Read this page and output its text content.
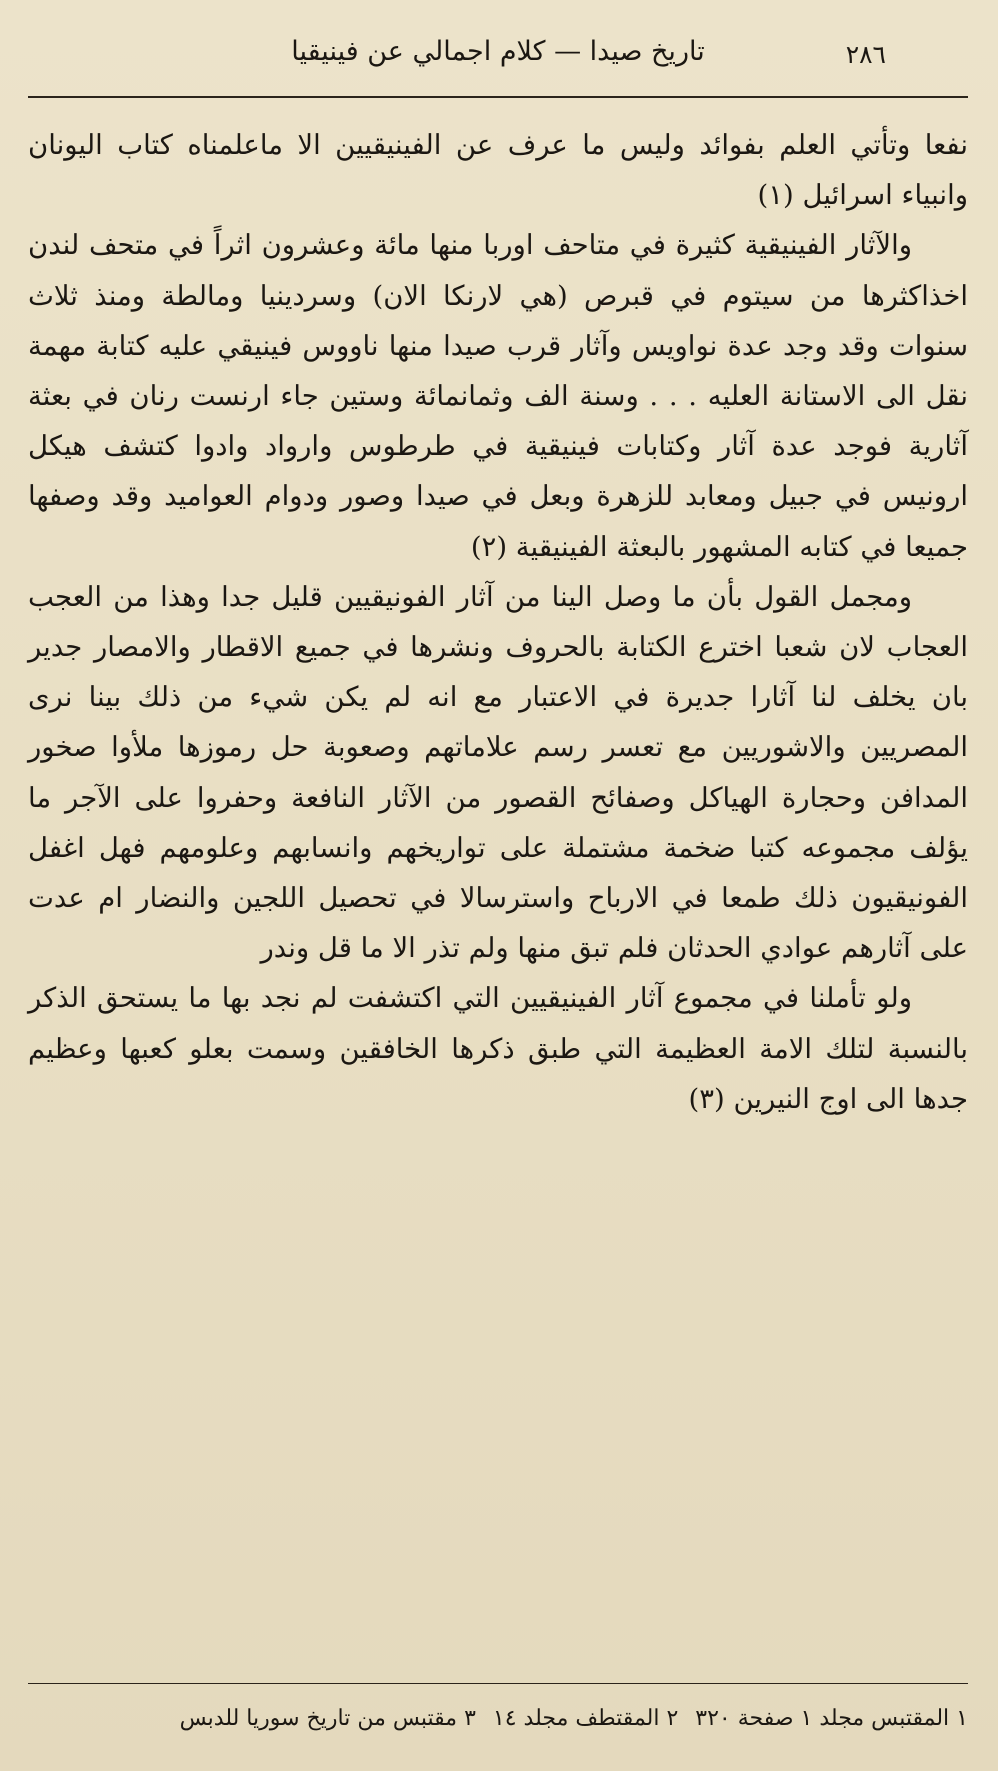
٢٨٦
تاريخ صيدا — كلام اجمالي عن فينيقيا

نفعا وتأتي العلم بفوائد وليس ما عرف عن الفينيقيين الا ماعلمناه كتاب اليونان وانبياء اسرائيل (١)

والآثار الفينيقية كثيرة في متاحف اوربا منها مائة وعشرون اثراً في متحف لندن اخذاكثرها من سيتوم في قبرص (هي لارنكا الان) وسردينيا ومالطة ومنذ ثلاث سنوات وقد وجد عدة نواويس وآثار قرب صيدا منها ناووس فينيقي عليه كتابة مهمة نقل الى الاستانة العليه . . . وسنة الف وثمانمائة وستين جاء ارنست رنان في بعثة آثارية فوجد عدة آثار وكتابات فينيقية في طرطوس وارواد وادوا كتشف هيكل ارونيس في جبيل ومعابد للزهرة وبعل في صيدا وصور ودوام العواميد وقد وصفها جميعا في كتابه المشهور بالبعثة الفينيقية (٢)

ومجمل القول بأن ما وصل الينا من آثار الفونيقيين قليل جدا وهذا من العجب العجاب لان شعبا اخترع الكتابة بالحروف ونشرها في جميع الاقطار والامصار جدير بان يخلف لنا آثارا جديرة في الاعتبار مع انه لم يكن شيء من ذلك بينا نرى المصريين والاشوريين مع تعسر رسم علاماتهم وصعوبة حل رموزها ملأوا صخور المدافن وحجارة الهياكل وصفائح القصور من الآثار النافعة وحفروا على الآجر ما يؤلف مجموعه كتبا ضخمة مشتملة على تواريخهم وانسابهم وعلومهم فهل اغفل الفونيقيون ذلك طمعا في الارباح واسترسالا في تحصيل اللجين والنضار ام عدت على آثارهم عوادي الحدثان فلم تبق منها ولم تذر الا ما قل وندر

ولو تأملنا في مجموع آثار الفينيقيين التي اكتشفت لم نجد بها ما يستحق الذكر بالنسبة لتلك الامة العظيمة التي طبق ذكرها الخافقين وسمت بعلو كعبها وعظيم جدها الى اوج النيرين (٣)

١ المقتبس مجلد ١ صفحة ٣٢٠ ٢ المقتطف مجلد ١٤ ٣ مقتبس من تاريخ سوريا للدبس
